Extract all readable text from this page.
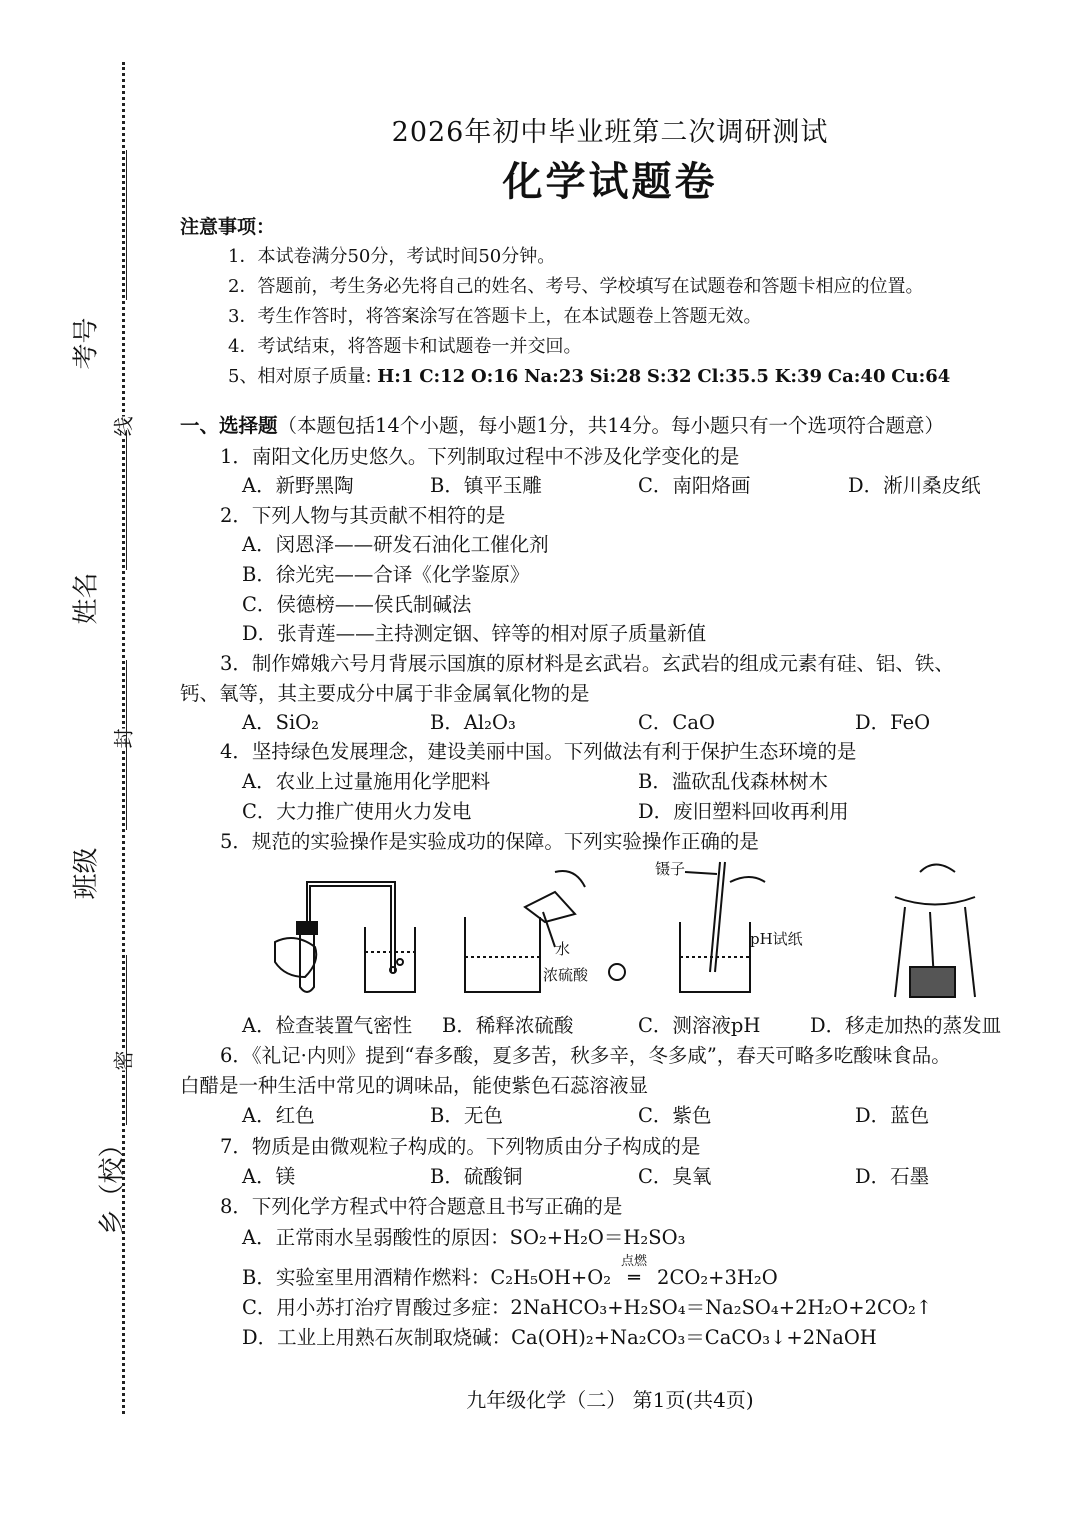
线
封
密
考号
姓名
班级
乡（校）
2026年初中毕业班第二次调研测试
化学试题卷
注意事项：
1．本试卷满分50分，考试时间50分钟。
2．答题前，考生务必先将自己的姓名、考号、学校填写在试题卷和答题卡相应的位置。
3．考生作答时，将答案涂写在答题卡上，在本试题卷上答题无效。
4．考试结束，将答题卡和试题卷一并交回。
5、相对原子质量: H:1 C:12 O:16 Na:23 Si:28 S:32 Cl:35.5 K:39 Ca:40 Cu:64
一、选择题（本题包括14个小题，每小题1分，共14分。每小题只有一个选项符合题意）
1．南阳文化历史悠久。下列制取过程中不涉及化学变化的是
A．新野黑陶	B．镇平玉雕	C．南阳烙画	D．淅川桑皮纸
2．下列人物与其贡献不相符的是
A．闵恩泽——研发石油化工催化剂
B．徐光宪——合译《化学鉴原》
C．侯德榜——侯氏制碱法
D．张青莲——主持测定铟、锌等的相对原子质量新值
3．制作嫦娥六号月背展示国旗的原材料是玄武岩。玄武岩的组成元素有硅、铝、铁、
钙、氧等，其主要成分中属于非金属氧化物的是
A．SiO₂	B．Al₂O₃	C．CaO	D．FeO
4．坚持绿色发展理念，建设美丽中国。下列做法有利于保护生态环境的是
A．农业上过量施用化学肥料	B．滥砍乱伐森林树木
C．大力推广使用火力发电	D．废旧塑料回收再利用
5．规范的实验操作是实验成功的保障。下列实验操作正确的是
水
浓硫酸
镊子
pH试纸
A．检查装置气密性 B．稀释浓硫酸	C．测溶液pH	D．移走加热的蒸发皿
6．《礼记·内则》提到“春多酸，夏多苦，秋多辛，冬多咸”，春天可略多吃酸味食品。
白醋是一种生活中常见的调味品，能使紫色石蕊溶液显
A．红色	B．无色	C．紫色	D．蓝色
7．物质是由微观粒子构成的。下列物质由分子构成的是
A．镁	B．硫酸铜	C．臭氧	D．石墨
8．下列化学方程式中符合题意且书写正确的是
A．正常雨水呈弱酸性的原因：SO₂+H₂O＝H₂SO₃
B．实验室里用酒精作燃料：C₂H₅OH+O₂
点燃
═ 2CO₂+3H₂O
C．用小苏打治疗胃酸过多症：2NaHCO₃+H₂SO₄＝Na₂SO₄+2H₂O+2CO₂↑
D．工业上用熟石灰制取烧碱：Ca(OH)₂+Na₂CO₃＝CaCO₃↓+2NaOH
九年级化学（二） 第1页(共4页)
